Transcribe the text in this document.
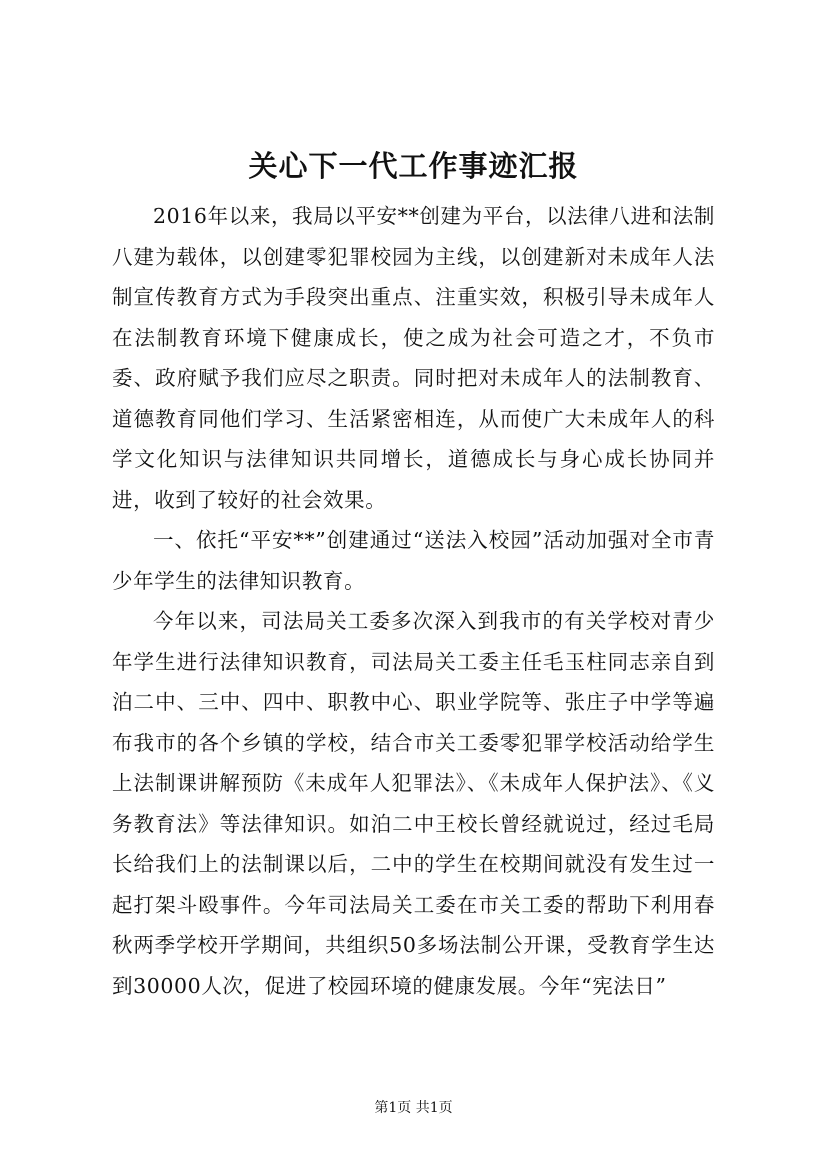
关心下一代工作事迹汇报

2016年以来，我局以平安**创建为平台，以法律八进和法制八建为载体，以创建零犯罪校园为主线，以创建新对未成年人法制宣传教育方式为手段突出重点、注重实效，积极引导未成年人在法制教育环境下健康成长，使之成为社会可造之才，不负市委、政府赋予我们应尽之职责。同时把对未成年人的法制教育、道德教育同他们学习、生活紧密相连，从而使广大未成年人的科学文化知识与法律知识共同增长，道德成长与身心成长协同并进，收到了较好的社会效果。

一、依托“平安**”创建通过“送法入校园”活动加强对全市青少年学生的法律知识教育。

今年以来，司法局关工委多次深入到我市的有关学校对青少年学生进行法律知识教育，司法局关工委主任毛玉柱同志亲自到泊二中、三中、四中、职教中心、职业学院等、张庄子中学等遍布我市的各个乡镇的学校，结合市关工委零犯罪学校活动给学生上法制课讲解预防《未成年人犯罪法》、《未成年人保护法》、《义务教育法》等法律知识。如泊二中王校长曾经就说过，经过毛局长给我们上的法制课以后，二中的学生在校期间就没有发生过一起打架斗殴事件。今年司法局关工委在市关工委的帮助下利用春秋两季学校开学期间，共组织50多场法制公开课，受教育学生达到30000人次，促进了校园环境的健康发展。今年“宪法日”

第1页 共1页
